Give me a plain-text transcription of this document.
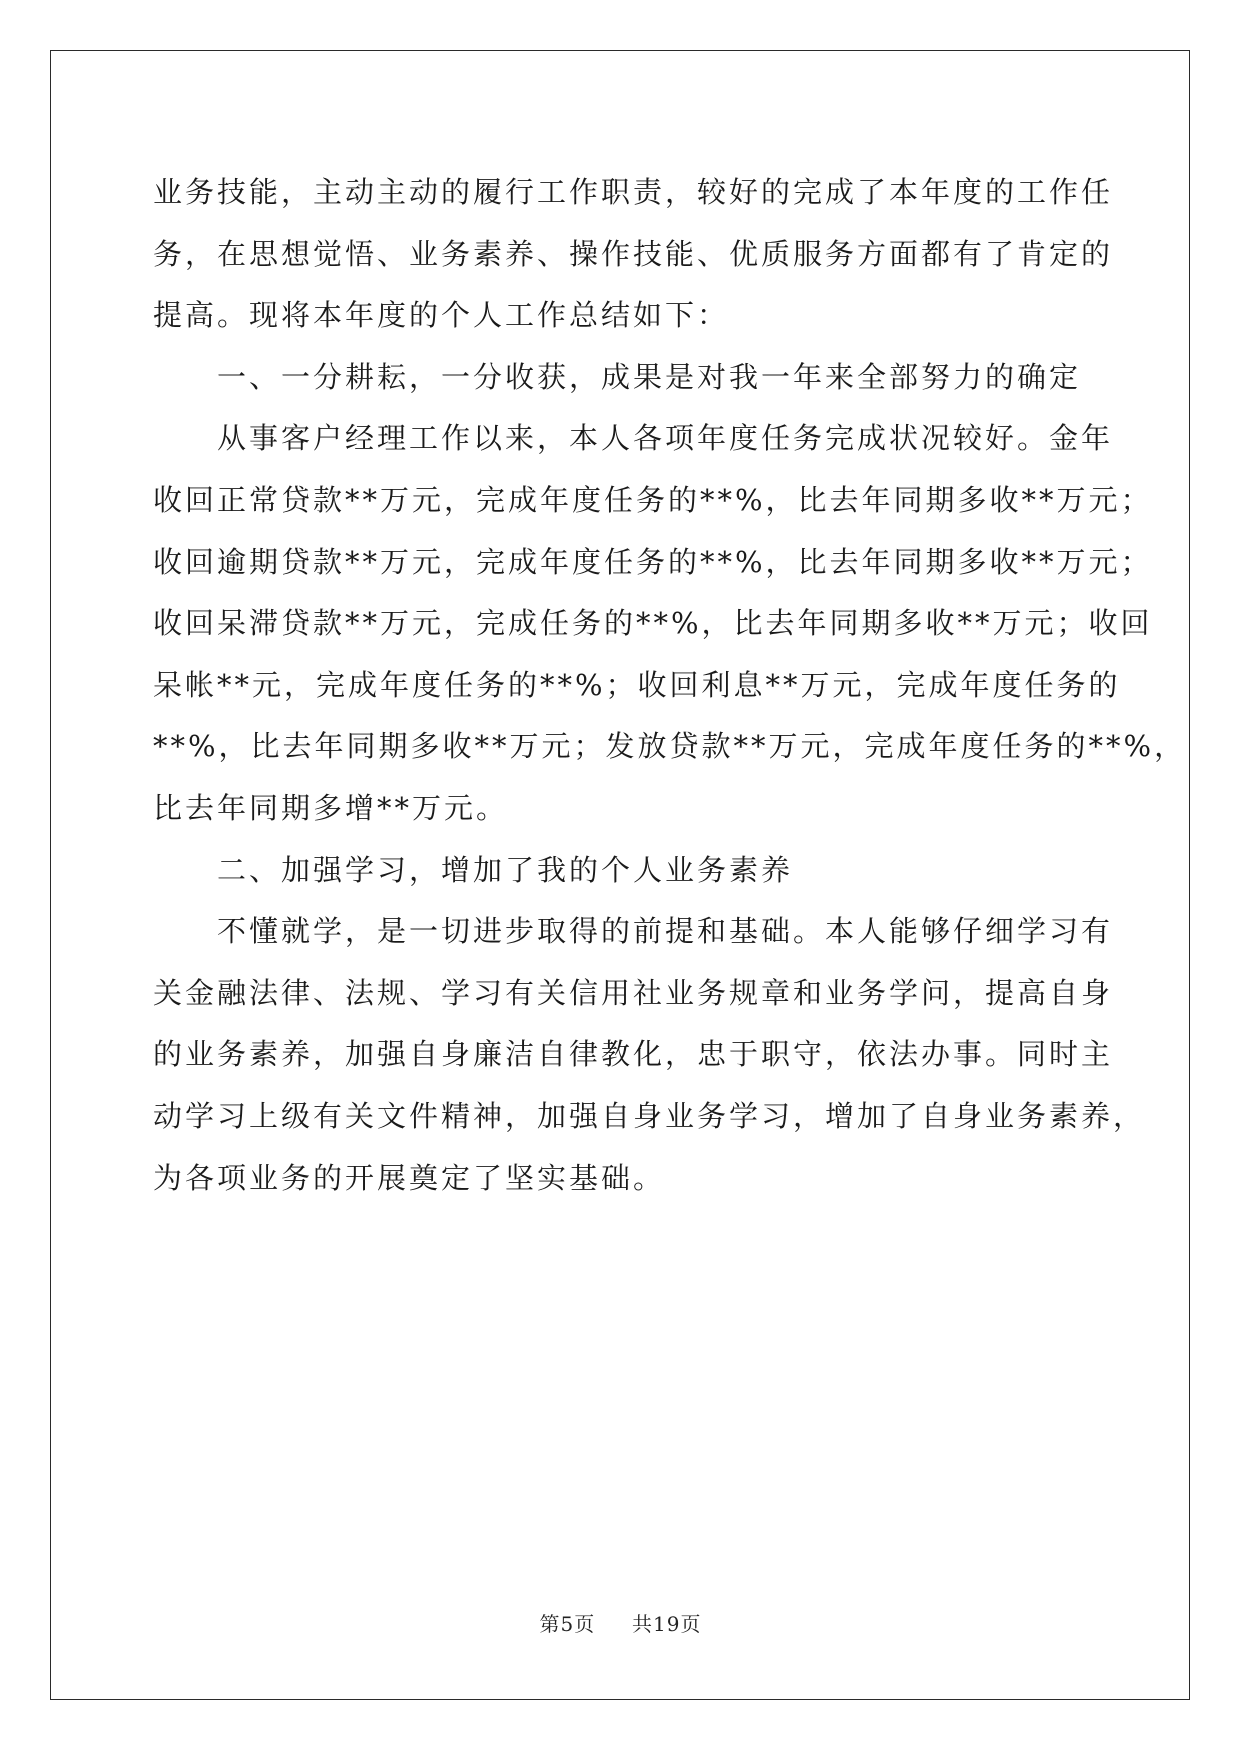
业务技能，主动主动的履行工作职责，较好的完成了本年度的工作任
务，在思想觉悟、业务素养、操作技能、优质服务方面都有了肯定的
提高。现将本年度的个人工作总结如下：

一、一分耕耘，一分收获，成果是对我一年来全部努力的确定

从事客户经理工作以来，本人各项年度任务完成状况较好。金年
收回正常贷款**万元，完成年度任务的**%，比去年同期多收**万元；
收回逾期贷款**万元，完成年度任务的**%，比去年同期多收**万元；
收回呆滞贷款**万元，完成任务的**%，比去年同期多收**万元；收回
呆帐**元，完成年度任务的**%；收回利息**万元，完成年度任务的
**%，比去年同期多收**万元；发放贷款**万元，完成年度任务的**%，
比去年同期多增**万元。

二、加强学习，增加了我的个人业务素养

不懂就学，是一切进步取得的前提和基础。本人能够仔细学习有
关金融法律、法规、学习有关信用社业务规章和业务学问，提高自身
的业务素养，加强自身廉洁自律教化，忠于职守，依法办事。同时主
动学习上级有关文件精神，加强自身业务学习，增加了自身业务素养，
为各项业务的开展奠定了坚实基础。

第5页 共19页
